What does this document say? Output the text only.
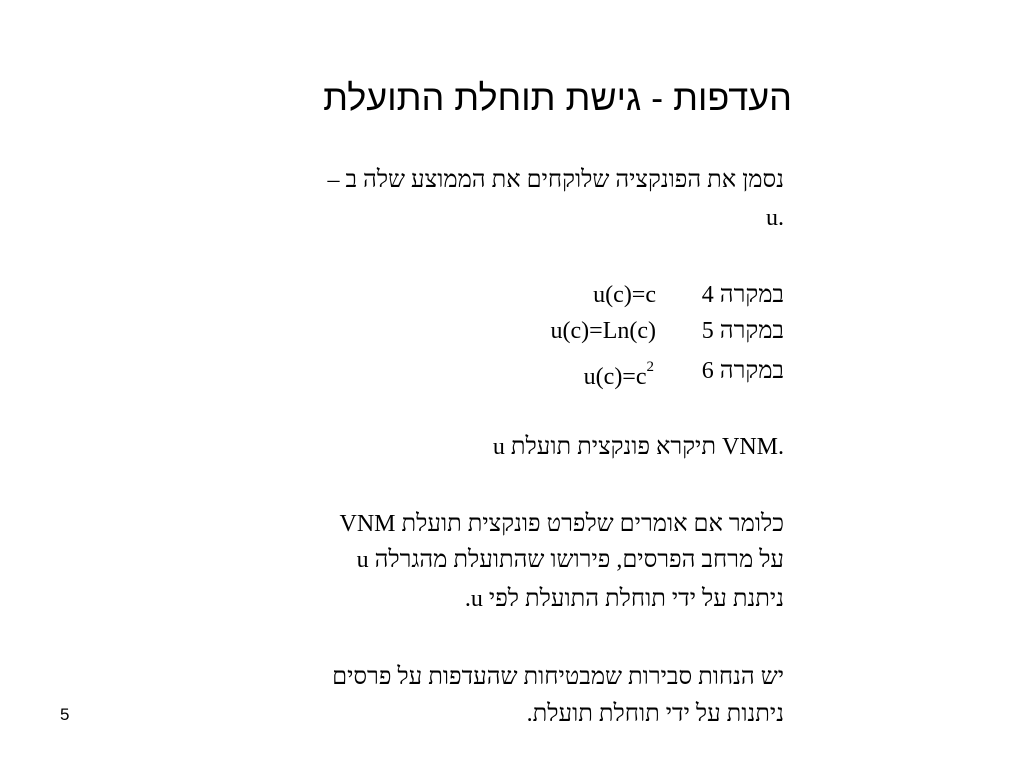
העדפות - גישת תוחלת התועלת
נסמן את הפונקציה שלוקחים את הממוצע שלה ב –
u.
במקרה 4
u(c)=c
במקרה 5
u(c)=Ln(c)
במקרה 6
$u(c)=c^2$
u תיקרא פונקצית תועלת VNM.
כלומר אם אומרים שלפרט פונקצית תועלת VNM
u על מרחב הפרסים, פירושו שהתועלת מהגרלה
ניתנת על ידי תוחלת התועלת לפי u.
יש הנחות סבירות שמבטיחות שהעדפות על פרסים
ניתנות על ידי תוחלת תועלת.
5
